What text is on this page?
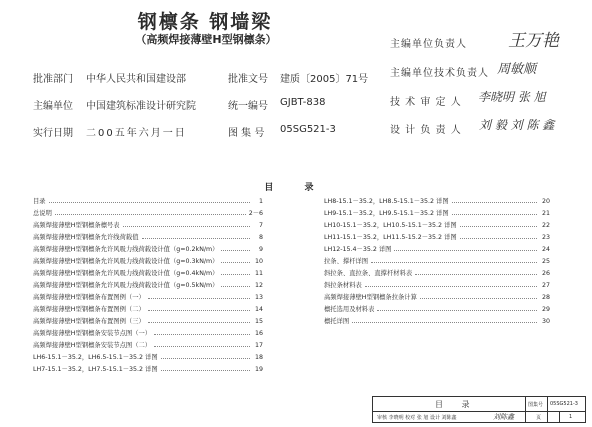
钢檩条 钢墙梁
（高频焊接薄壁H型钢檩条）
批准部门 中华人民共和国建设部	批准文号 建质〔2005〕71号
主编单位 中国建筑标准设计研究院	统一编号 GJBT-838
实行日期 二00五年六月一日	图 集 号 05SG521-3
主编单位负责人 王万艳
主编单位技术负责人 周敏顺
技 术 审 定 人 李晓明 张 旭
设 计 负 责 人 刘 毅 刘 陈 鑫
目 录
目录	1
总说明	2－6
高频焊接薄壁H型钢檩条檩号表	7
高频焊接薄壁H型钢檩条允许线荷载值	8
高频焊接薄壁H型钢檩条允许风吸力线荷载设计值（g=0.2kN/m）	9
高频焊接薄壁H型钢檩条允许风吸力线荷载设计值（g=0.3kN/m）	10
高频焊接薄壁H型钢檩条允许风吸力线荷载设计值（g=0.4kN/m）	11
高频焊接薄壁H型钢檩条允许风吸力线荷载设计值（g=0.5kN/m）	12
高频焊接薄壁H型钢檩条布置图例（一）	13
高频焊接薄壁H型钢檩条布置图例（二）	14
高频焊接薄壁H型钢檩条布置图例（三）	15
高频焊接薄壁H型钢檩条安装节点图（一）	16
高频焊接薄壁H型钢檩条安装节点图（二）	17
LH6-15.1－35.2，LH6.5-15.1－35.2 详图	18
LH7-15.1－35.2，LH7.5-15.1－35.2 详图	19
LH8-15.1－35.2，LH8.5-15.1－35.2 详图	20
LH9-15.1－35.2，LH9.5-15.1－35.2 详图	21
LH10-15.1－35.2，LH10.5-15.1－35.2 详图	22
LH11-15.1－35.2，LH11.5-15.2－35.2 详图	23
LH12-15.4－35.2 详图	24
拉条、撑杆详图	25
斜拉条、直拉条、直撑杆材料表	26
斜拉条材料表	27
高频焊接薄壁H型钢檩条拉条计算	28
檩托选用及材料表	29
檩托详图	30
目 录	图集号 05SG521-3
审核 李晓明 校对 张 旭 设计 刘陈鑫	刘陈鑫	页	1
